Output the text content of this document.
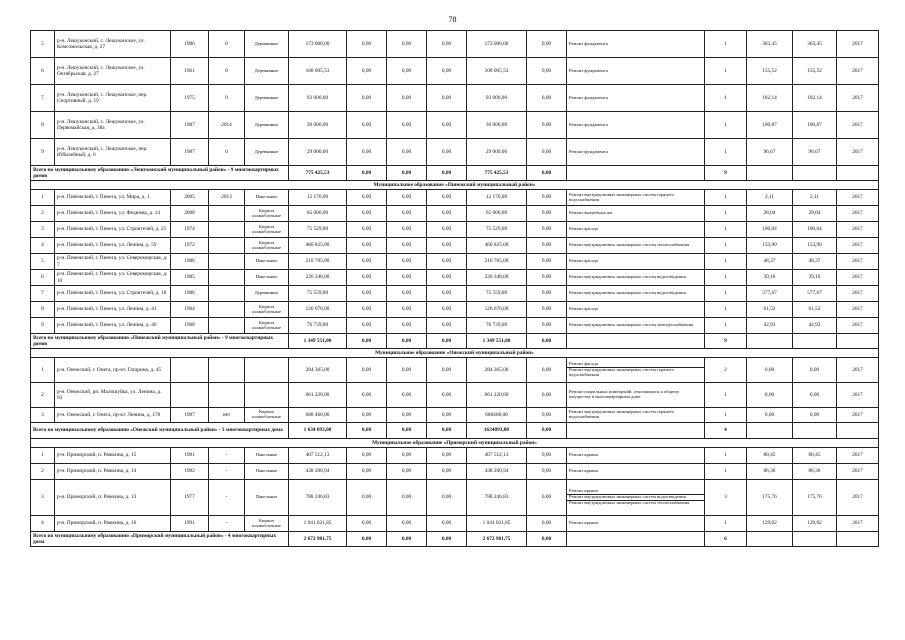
78
5	р-н. Лешуконский, с. Лешуконское, ул. Комсомольская, д. 27	1986	0	Деревянные	173 000,00	0,00	0,00	0,00	173 000,00	0,00	Ремонт фундамента	1	363,45	363,45	2017
6	р-н. Лешуконский, с. Лешуконское, ул. Октябрьская, д. 27	1961	0	Деревянные	108 005,53	0,00	0,00	0,00	108 005,53	0,00	Ремонт фундамента	1	155,52	155,52	2017
7	р-н. Лешуконский, с. Лешуконское, пер. Спортивный, д. 19	1975	0	Деревянные	93 000,00	0,00	0,00	0,00	93 000,00	0,00	Ремонт фундамента	1	182,14	182,14	2017
8	р-н. Лешуконский, с. Лешуконское, ул. Первомайская, д. 38а	1987	2014	Деревянные	30 000,00	0,00	0,00	0,00	30 000,00	0,00	Ремонт фундамента	1	100,87	100,87	2017
9	р-н. Лешуконский, с. Лешуконское, пер. Юбилейный, д. 6	1987	0	Деревянные	29 000,00	0,00	0,00	0,00	29 000,00	0,00	Ремонт фундамента	1	96,67	96,67	2017
Всего по муниципальному образованию «Лешуконский муниципальный район» - 9 многоквартирных домов					775 425,53	0,00	0,00	0,00	775 425,53	0,00		9			
Муниципальное образование «Пинежский муниципальный район»															
1	р-н. Пинежский, г. Пинега, ул. Мира, д. 1	2005	2013	Панельные	12 170,00	0,00	0,00	0,00	12 170,00	0,00	Ремонт внутридомовых инженерных систем горячего водоснабжения	1	2,11	2,11	2017
2	р-н. Пинежский, г. Пинега, ул. Федюева, д. 14	2008		Кирпич шлакоблочные	65 000,00	0,00	0,00	0,00	65 000,00	0,00	Ремонт выгребных ям	1	28,04	28,04	2017
3	р-н. Пинежский, г. Пинега, ул. Строителей, д. 21	1974		Кирпич шлакоблочные	75 529,00	0,00	0,00	0,00	75 529,00	0,00	Ремонт фасада	1	100,04	100,04	2017
4	р-н. Пинежский, г. Пинега, ул. Ленина, д. 59	1972		Кирпич шлакоблочные	460 825,00	0,00	0,00	0,00	460 825,00	0,00	Ремонт внутридомовых инженерных систем теплоснабжения	1	153,90	153,90	2017
5	р-н. Пинежский, г. Пинега, ул. Североморская, д. 7	1986		Панельные	210 705,00	0,00	0,00	0,00	210 705,00	0,00	Ремонт фасада	1	48,37	48,37	2017
6	р-н. Пинежский, г. Пинега, ул. Североморская, д. 10	1985		Панельные	226 348,00	0,00	0,00	0,00	226 348,00	0,00	Ремонт внутридомовых инженерных систем водоотведения	1	39,16	39,16	2017
7	р-н. Пинежский, г. Пинега, ул. Строителей, д. 18	1986		Деревянные	75 559,00	0,00	0,00	0,00	75 559,00	0,00	Ремонт внутридомовых инженерных систем водоотведения	1	577,67	577,67	2017
8	р-н. Пинежский, г. Пинега, ул. Ленина, д. 41	1964		Кирпич шлакоблочные	126 676,00	0,00	0,00	0,00	126 676,00	0,00	Ремонт фасада	1	61,52	61,52	2017
9	р-н. Пинежский, г. Пинега, ул. Ленина, д. 46	1968		Кирпич шлакоблочные	76 739,00	0,00	0,00	0,00	76 739,00	0,00	Ремонт внутридомовых инженерных систем электроснабжения	1	42,93	42,93	2017
Всего по муниципальному образованию «Пинежский муниципальный район» - 9 многоквартирных домов					1 349 551,00	0,00	0,00	0,00	1 349 551,00	0,00		9			
Муниципальное образование «Онежский муниципальный район»															
1	р-н. Онежский, г. Онега, пр-кт. Гагарина, д. 45				284 365,00	0,00	0,00	0,00	284 365,00	0,00	Ремонт фасада
Ремонт внутридомовых инженерных систем горячего водоснабжения	2	0,00	0,00	2017
2	р-н. Онежский, рп. Малошуйка, ул. Ленина, д. 93				661 220,00	0,00	0,00	0,00	661 220,00	0,00	Ремонт подвальных помещений, относящихся к общему имуществу в многоквартирном доме	1	0,00	0,00	2017
3	р-н. Онежский, г. Онега, пр-кт. Ленина, д. 178	1987	нет	Кирпич шлакоблочные	688 468,00	0,00	0,00	0,00	688468,00	0,00	Ремонт внутридомовых инженерных систем горячего водоснабжения	1	0,00	0,00	2017
Всего по муниципальному образованию «Онежский муниципальный район» - 3 многоквартирных дома					1 634 093,00	0,00	0,00	0,00	1634093,00	0,00		4			
Муниципальное образование «Приморский муниципальный район»															
1	р-н. Приморский, п. Ряжкина, д. 15	1981	-	Панельные	407 512,13	0,00	0,00	0,00	407 512,13	0,00	Ремонт крыши	1	80,45	80,45	2017
2	р-н. Приморский, п. Ряжкина, д. 14	1982	-	Панельные	438 200,94	0,00	0,00	0,00	438 200,94	0,00	Ремонт крыши	1	86,36	86,36	2017
3	р-н. Приморский, п. Ряжкина, д. 13	1977	-	Панельные	788 246,83	0,00	0,00	0,00	788 246,83	0,00	Ремонт крыши
Ремонт внутридомовых инженерных систем водоотведения
Ремонт внутридомовых инженерных систем теплоснабжения	3	175,76	175,76	2017
4	р-н. Приморский, п. Ряжкина, д. 16	1991	-	Кирпич шлакоблочные	1 041 021,85	0,00	0,00	0,00	1 041 021,85	0,00	Ремонт крыши	1	129,02	129,02	2017
Всего по муниципальному образованию «Приморский муниципальный район» - 4 многоквартирных дома					2 672 981,75	0,00	0,00	0,00	2 672 981,75	0,00		6			
